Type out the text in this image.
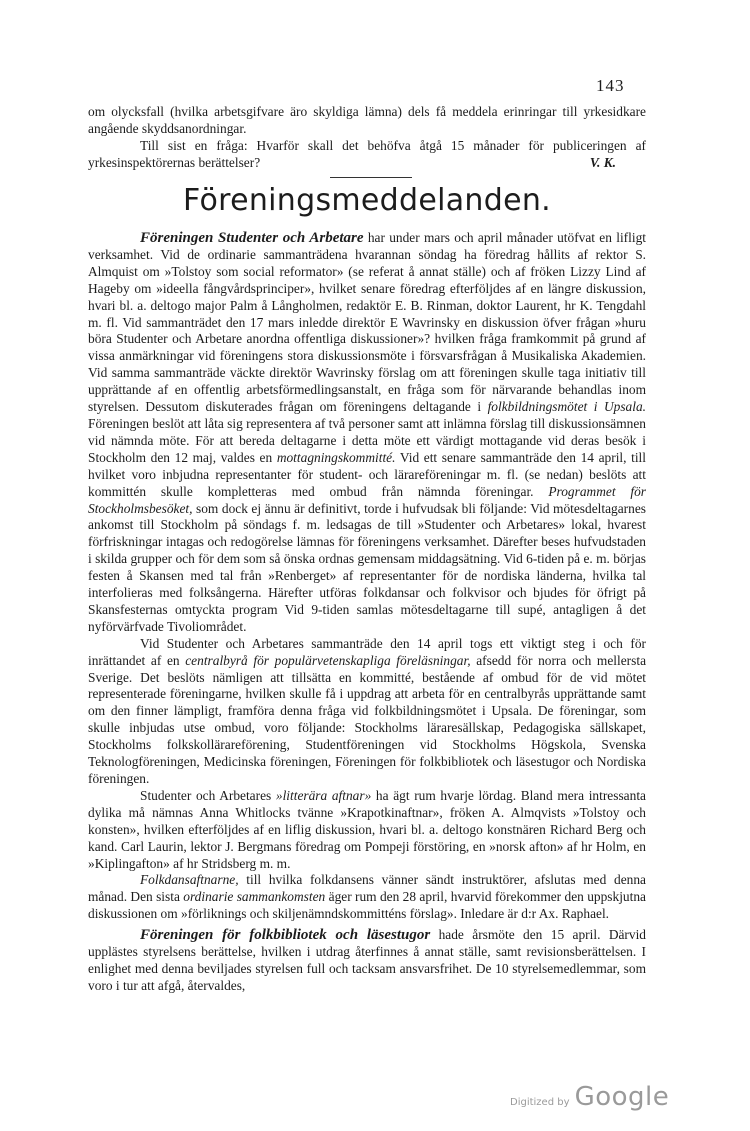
143

om olycksfall (hvilka arbetsgifvare äro skyldiga lämna) dels få meddela erinringar till yrkesidkare angående skyddsanordningar.

Till sist en fråga: Hvarför skall det behöfva åtgå 15 månader för publiceringen af yrkesinspektörernas berättelser?	V. K.

Föreningsmeddelanden.

Föreningen Studenter och Arbetare har under mars och april månader utöfvat en lifligt verksamhet. Vid de ordinarie sammanträdena hvarannan söndag ha föredrag hållits af rektor S. Almquist om »Tolstoy som social reformator» (se referat å annat ställe) och af fröken Lizzy Lind af Hageby om »ideella fångvårdsprinciper», hvilket senare föredrag efterföljdes af en längre diskussion, hvari bl. a. deltogo major Palm å Långholmen, redaktör E. B. Rinman, doktor Laurent, hr K. Tengdahl m. fl. Vid sammanträdet den 17 mars inledde direktör E Wavrinsky en diskussion öfver frågan »huru böra Studenter och Arbetare anordna offentliga diskussioner»? hvilken fråga framkommit på grund af vissa anmärkningar vid föreningens stora diskussionsmöte i försvarsfrågan å Musikaliska Akademien. Vid samma sammanträde väckte direktör Wavrinsky förslag om att föreningen skulle taga initiativ till upprättande af en offentlig arbetsförmedlingsanstalt, en fråga som för närvarande behandlas inom styrelsen. Dessutom diskuterades frågan om föreningens deltagande i folkbildningsmötet i Upsala. Föreningen beslöt att låta sig representera af två personer samt att inlämna förslag till diskussionsämnen vid nämnda möte. För att bereda deltagarne i detta möte ett värdigt mottagande vid deras besök i Stockholm den 12 maj, valdes en mottagningskommitté. Vid ett senare sammanträde den 14 april, till hvilket voro inbjudna representanter för student- och lärareföreningar m. fl. (se nedan) beslöts att kommittén skulle kompletteras med ombud från nämnda föreningar. Programmet för Stockholmsbesöket, som dock ej ännu är definitivt, torde i hufvudsak bli följande: Vid mötesdeltagarnes ankomst till Stockholm på söndags f. m. ledsagas de till »Studenter och Arbetares» lokal, hvarest förfriskningar intagas och redogörelse lämnas för föreningens verksamhet. Därefter beses hufvudstaden i skilda grupper och för dem som så önska ordnas gemensam middagsätning. Vid 6-tiden på e. m. börjas festen å Skansen med tal från »Renberget» af representanter för de nordiska länderna, hvilka tal interfolieras med folksångerna. Härefter utföras folkdansar och folkvisor och bjudes för öfrigt på Skansfesternas omtyckta program Vid 9-tiden samlas mötesdeltagarne till supé, antagligen å det nyförvärfvade Tivoliområdet.

Vid Studenter och Arbetares sammanträde den 14 april togs ett viktigt steg i och för inrättandet af en centralbyrå för populärvetenskapliga föreläsningar, afsedd för norra och mellersta Sverige. Det beslöts nämligen att tillsätta en kommitté, bestående af ombud för de vid mötet representerade föreningarne, hvilken skulle få i uppdrag att arbeta för en centralbyrås upprättande samt om den finner lämpligt, framföra denna fråga vid folkbildningsmötet i Upsala. De föreningar, som skulle inbjudas utse ombud, voro följande: Stockholms läraresällskap, Pedagogiska sällskapet, Stockholms folkskollärareförening, Studentföreningen vid Stockholms Högskola, Svenska Teknologföreningen, Medicinska föreningen, Föreningen för folkbibliotek och läsestugor och Nordiska föreningen.

Studenter och Arbetares »litterära aftnar» ha ägt rum hvarje lördag. Bland mera intressanta dylika må nämnas Anna Whitlocks tvänne »Krapotkinaftnar», fröken A. Almqvists »Tolstoy och konsten», hvilken efterföljdes af en liflig diskussion, hvari bl. a. deltogo konstnären Richard Berg och kand. Carl Laurin, lektor J. Bergmans föredrag om Pompeji förstöring, en »norsk afton» af hr Holm, en »Kiplingafton» af hr Stridsberg m. m.

Folkdansaftnarne, till hvilka folkdansens vänner sändt instruktörer, afslutas med denna månad. Den sista ordinarie sammankomsten äger rum den 28 april, hvarvid förekommer den uppskjutna diskussionen om »förliknings och skiljenämndskommitténs förslag». Inledare är d:r Ax. Raphael.

Föreningen för folkbibliotek och läsestugor hade årsmöte den 15 april. Därvid upplästes styrelsens berättelse, hvilken i utdrag återfinnes å annat ställe, samt revisionsberättelsen. I enlighet med denna beviljades styrelsen full och tacksam ansvarsfrihet. De 10 styrelsemedlemmar, som voro i tur att afgå, återvaldes,

Digitized by Google
